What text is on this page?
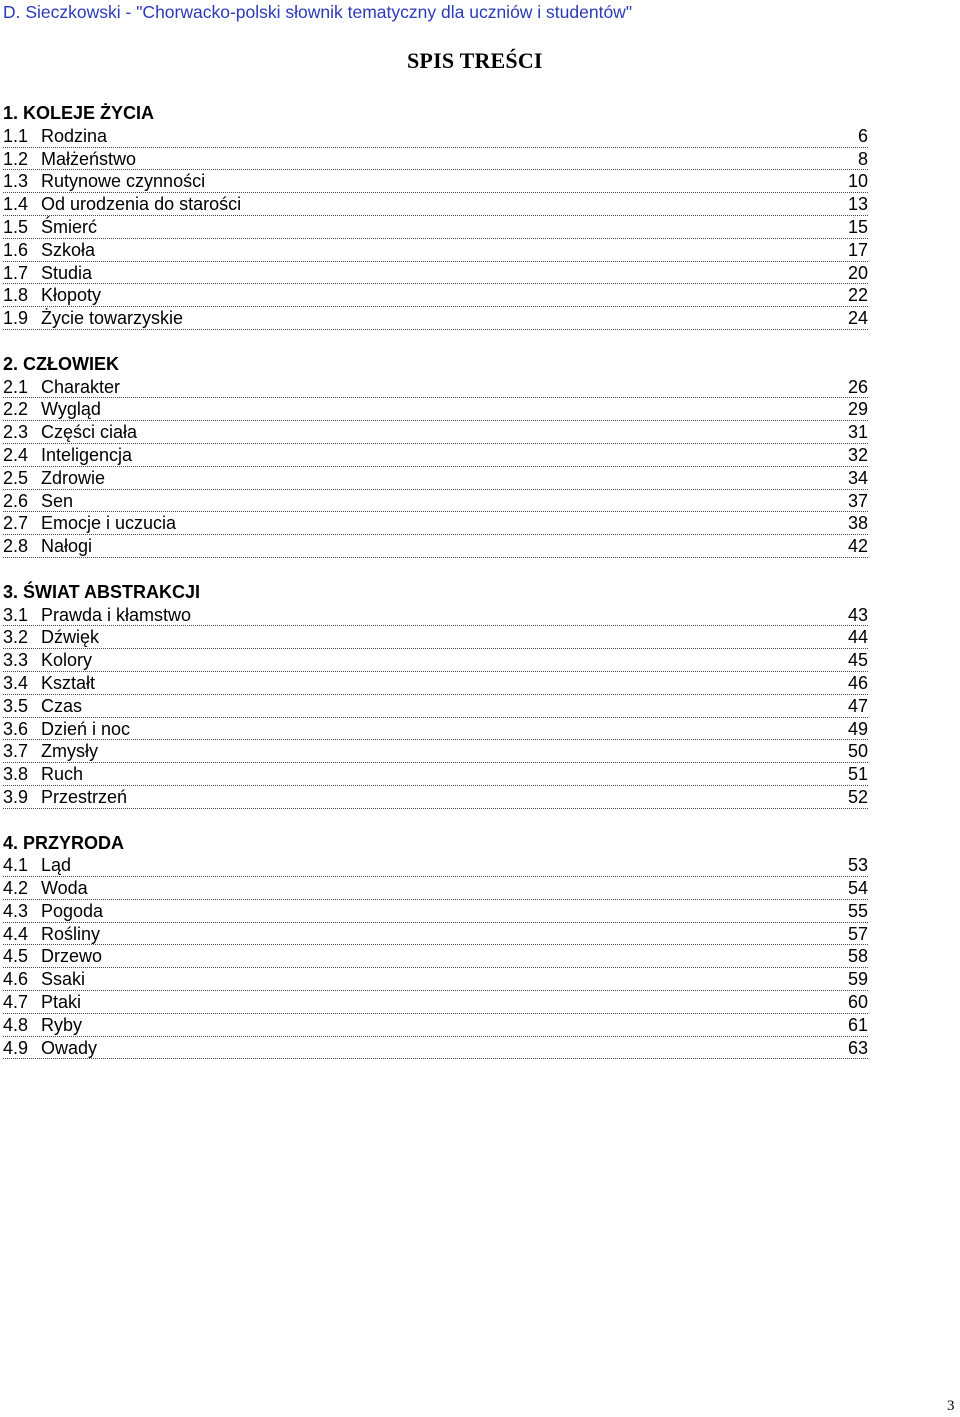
D. Sieczkowski - "Chorwacko-polski słownik tematyczny dla uczniów i studentów"
SPIS TREŚCI
1. KOLEJE ŻYCIA
1.1 Rodzina	6
1.2 Małżeństwo	8
1.3 Rutynowe czynności	10
1.4 Od urodzenia do starości	13
1.5 Śmierć	15
1.6 Szkoła	17
1.7 Studia	20
1.8 Kłopoty	22
1.9 Życie towarzyskie	24
2. CZŁOWIEK
2.1 Charakter	26
2.2 Wygląd	29
2.3 Części ciała	31
2.4 Inteligencja	32
2.5 Zdrowie	34
2.6 Sen	37
2.7 Emocje i uczucia	38
2.8 Nałogi	42
3. ŚWIAT ABSTRAKCJI
3.1 Prawda i kłamstwo	43
3.2 Dźwięk	44
3.3 Kolory	45
3.4 Kształt	46
3.5 Czas	47
3.6 Dzień i noc	49
3.7 Zmysły	50
3.8 Ruch	51
3.9 Przestrzeń	52
4. PRZYRODA
4.1 Ląd	53
4.2 Woda	54
4.3 Pogoda	55
4.4 Rośliny	57
4.5 Drzewo	58
4.6 Ssaki	59
4.7 Ptaki	60
4.8 Ryby	61
4.9 Owady	63
3
